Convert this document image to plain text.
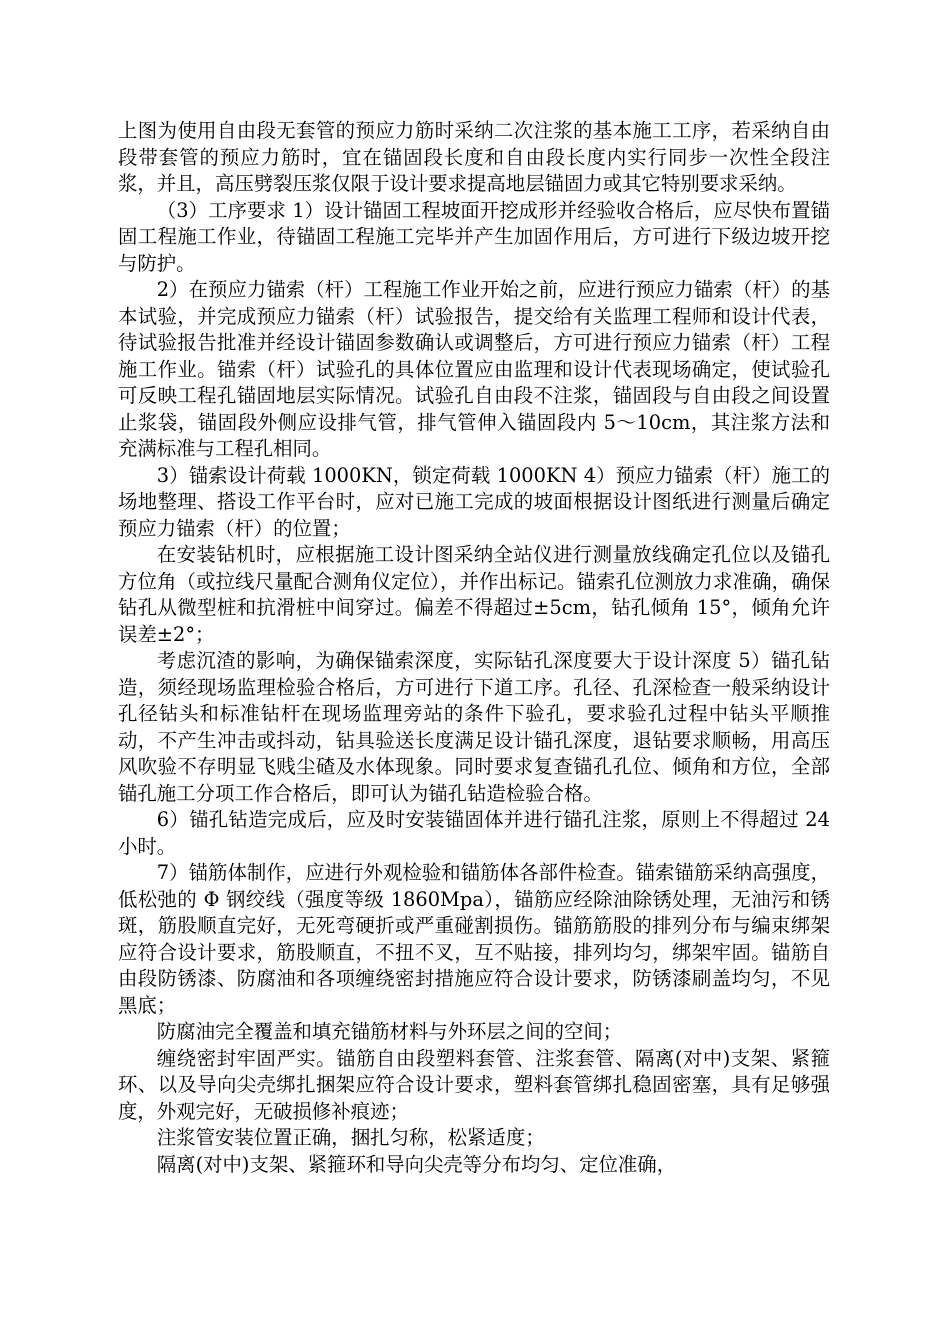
上图为使用自由段无套管的预应力筋时采纳二次注浆的基本施工工序，若采纳自由段带套管的预应力筋时，宜在锚固段长度和自由段长度内实行同步一次性全段注浆，并且，高压劈裂压浆仅限于设计要求提高地层锚固力或其它特别要求采纳。

（3）工序要求 1）设计锚固工程坡面开挖成形并经验收合格后，应尽快布置锚固工程施工作业，待锚固工程施工完毕并产生加固作用后，方可进行下级边坡开挖与防护。

2）在预应力锚索（杆）工程施工作业开始之前，应进行预应力锚索（杆）的基本试验，并完成预应力锚索（杆）试验报告，提交给有关监理工程师和设计代表，待试验报告批准并经设计锚固参数确认或调整后，方可进行预应力锚索（杆）工程施工作业。锚索（杆）试验孔的具体位置应由监理和设计代表现场确定，使试验孔可反映工程孔锚固地层实际情况。试验孔自由段不注浆，锚固段与自由段之间设置止浆袋，锚固段外侧应设排气管，排气管伸入锚固段内 5～10cm，其注浆方法和充满标准与工程孔相同。

3）锚索设计荷载 1000KN，锁定荷载 1000KN 4）预应力锚索（杆）施工的场地整理、搭设工作平台时，应对已施工完成的坡面根据设计图纸进行测量后确定预应力锚索（杆）的位置；

在安装钻机时，应根据施工设计图采纳全站仪进行测量放线确定孔位以及锚孔方位角（或拉线尺量配合测角仪定位），并作出标记。锚索孔位测放力求准确，确保钻孔从微型桩和抗滑桩中间穿过。偏差不得超过±5cm，钻孔倾角 15°，倾角允许误差±2°；

考虑沉渣的影响，为确保锚索深度，实际钻孔深度要大于设计深度 5）锚孔钻造，须经现场监理检验合格后，方可进行下道工序。孔径、孔深检查一般采纳设计孔径钻头和标准钻杆在现场监理旁站的条件下验孔，要求验孔过程中钻头平顺推动，不产生冲击或抖动，钻具验送长度满足设计锚孔深度，退钻要求顺畅，用高压风吹验不存明显飞贱尘碴及水体现象。同时要求复查锚孔孔位、倾角和方位，全部锚孔施工分项工作合格后，即可认为锚孔钻造检验合格。

6）锚孔钻造完成后，应及时安装锚固体并进行锚孔注浆，原则上不得超过 24 小时。

7）锚筋体制作，应进行外观检验和锚筋体各部件检查。锚索锚筋采纳高强度，低松弛的 Φ 钢绞线（强度等级 1860Mpa），锚筋应经除油除锈处理，无油污和锈斑，筋股顺直完好，无死弯硬折或严重碰割损伤。锚筋筋股的排列分布与编束绑架应符合设计要求，筋股顺直，不扭不叉，互不贴接，排列均匀，绑架牢固。锚筋自由段防锈漆、防腐油和各项缠绕密封措施应符合设计要求，防锈漆刷盖均匀，不见黑底；

防腐油完全覆盖和填充锚筋材料与外环层之间的空间；

缠绕密封牢固严实。锚筋自由段塑料套管、注浆套管、隔离(对中)支架、紧箍环、以及导向尖壳绑扎捆架应符合设计要求，塑料套管绑扎稳固密塞，具有足够强度，外观完好，无破损修补痕迹；

注浆管安装位置正确，捆扎匀称，松紧适度；

隔离(对中)支架、紧箍环和导向尖壳等分布均匀、定位准确，
